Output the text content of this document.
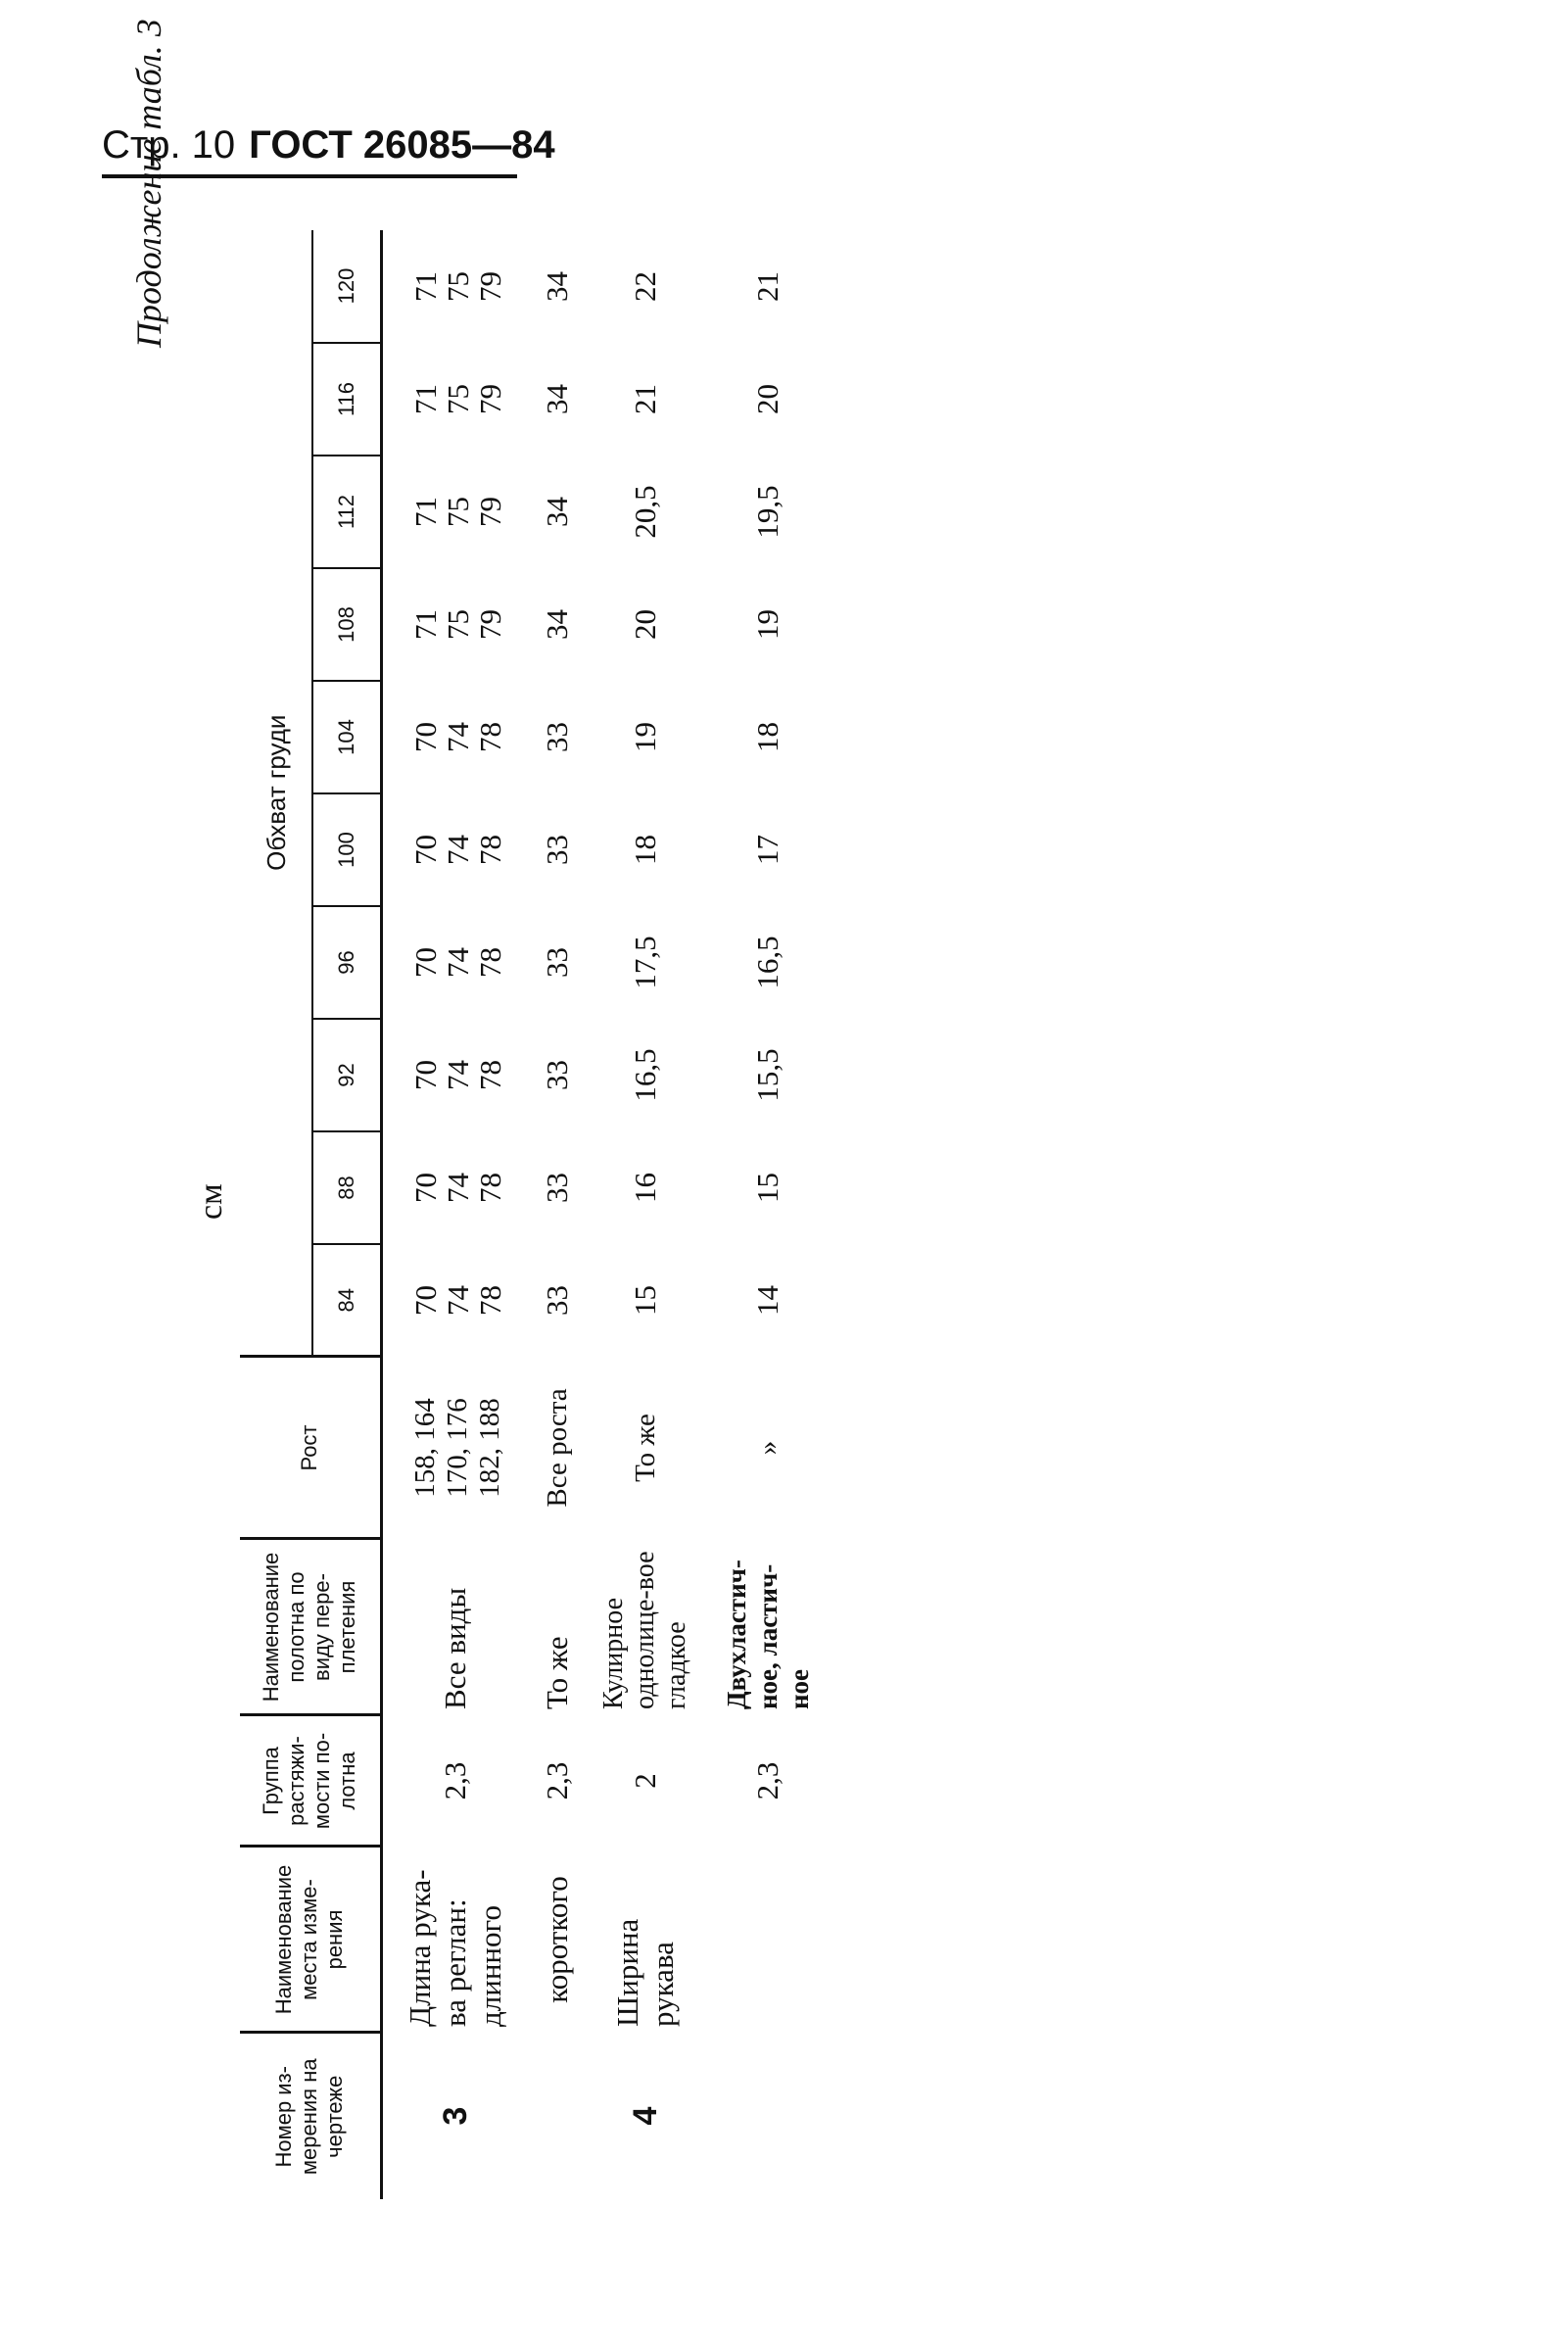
Стр. 10 ГОСТ 26085—84
Продолжение табл. 3
см
Номер из-мерения на чертеже	Наименование места изме-рения	Группа растяжи-мости по-лотна	Наименование полотна по виду пере-плетения	Рост	Обхват груди									
					84	88	92	96	100	104	108	112	116	120
3	Длина рука-ва реглан: длинного	2,3	Все виды	158, 164
170, 176
182, 188	70
74
78	70
74
78	70
74
78	70
74
78	70
74
78	70
74
78	71
75
79	71
75
79	71
75
79	71
75
79
	короткого	2,3	То же	Все роста	33	33	33	33	33	33	34	34	34	34
4	Ширина рукава	2	Кулирное однолице-вое гладкое	То же	15	16	16,5	17,5	18	19	20	20,5	21	22
		2,3	Двухластич-ное, ластич-ное	»	14	15	15,5	16,5	17	18	19	19,5	20	21
